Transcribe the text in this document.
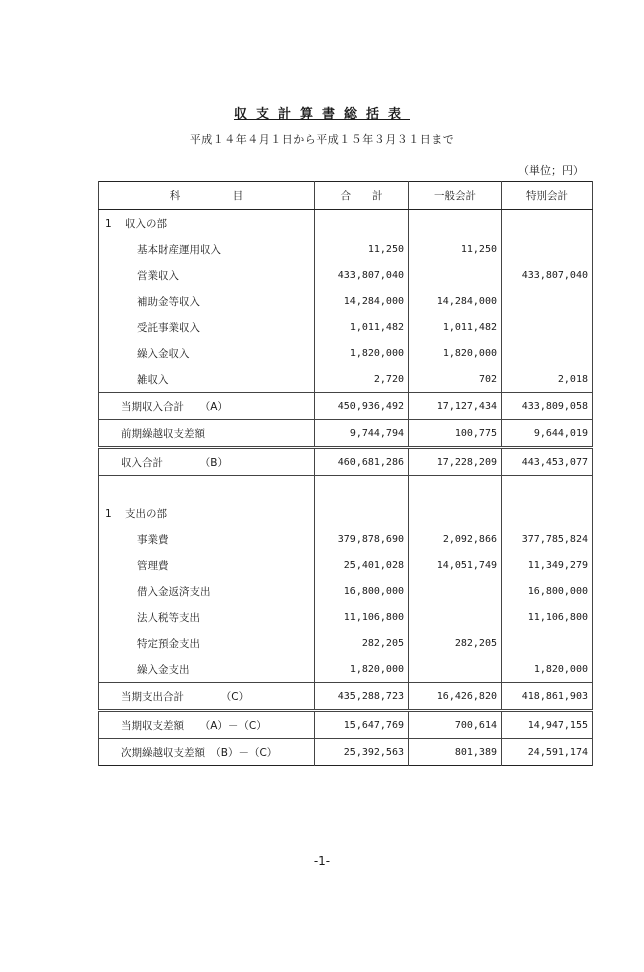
収支計算書総括表
平成１４年４月１日から平成１５年３月３１日まで
（単位；円）
科　　　　　目	合　　計	一般会計	特別会計
1 収入の部			
基本財産運用収入	11,250	11,250	
営業収入	433,807,040		433,807,040
補助金等収入	14,284,000	14,284,000	
受託事業収入	1,011,482	1,011,482	
繰入金収入	1,820,000	1,820,000	
雑収入	2,720	702	2,018
当期収入合計　　 （A）	450,936,492	17,127,434	433,809,058
前期繰越収支差額	9,744,794	100,775	9,644,019
収入合計　　　　 （B）	460,681,286	17,228,209	443,453,077

1 支出の部			
事業費	379,878,690	2,092,866	377,785,824
管理費	25,401,028	14,051,749	11,349,279
借入金返済支出	16,800,000		16,800,000
法人税等支出	11,106,800		11,106,800
特定預金支出	282,205	282,205	
繰入金支出	1,820,000		1,820,000
当期支出合計　　　　 （C）	435,288,723	16,426,820	418,861,903
当期収支差額　　 （A）－（C）	15,647,769	700,614	14,947,155
次期繰越収支差額　 （B）－（C）	25,392,563	801,389	24,591,174
-1-
